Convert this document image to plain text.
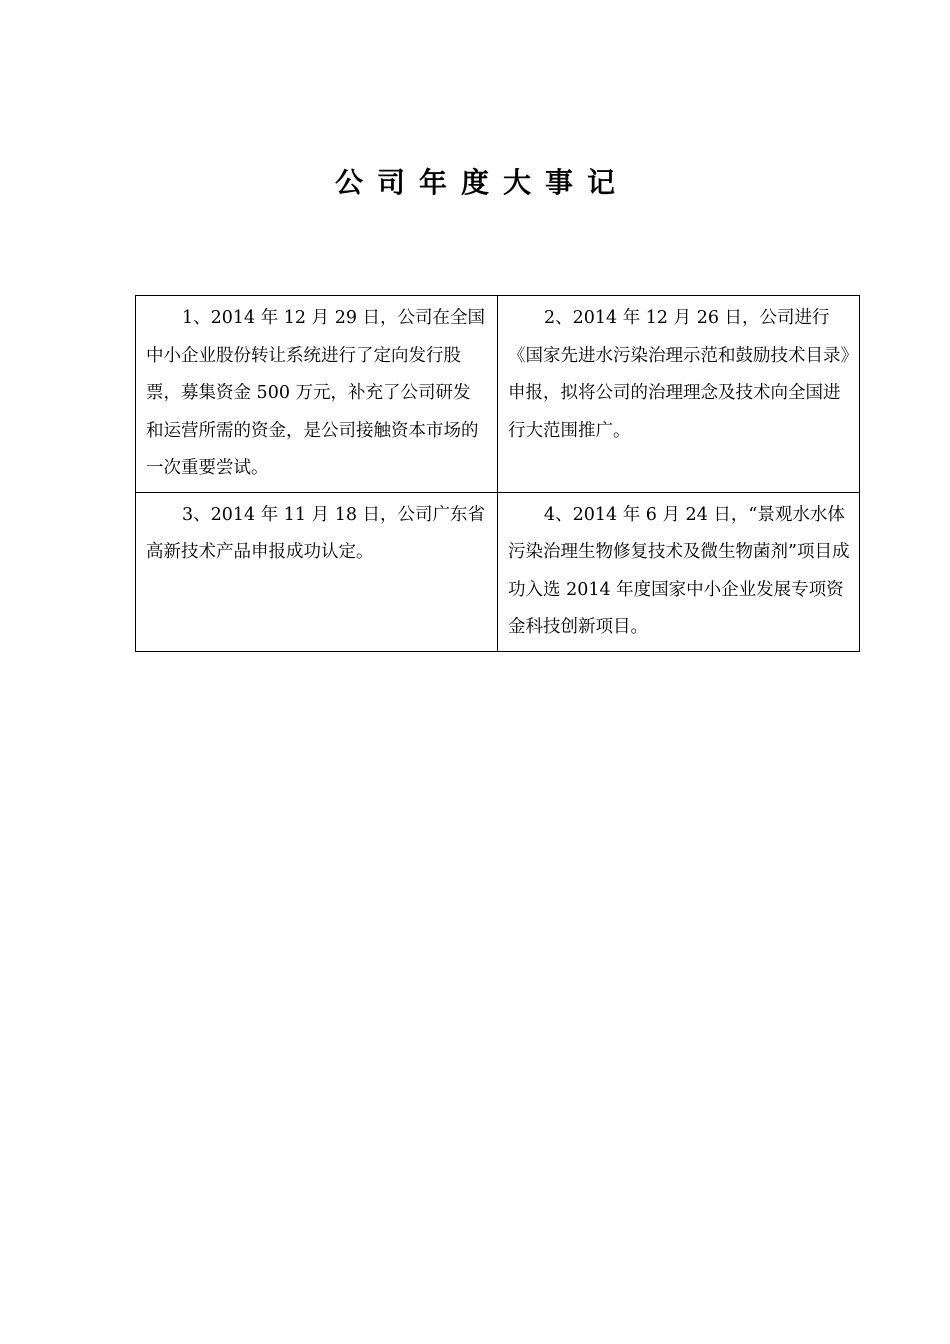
公司年度大事记
1、2014 年 12 月 29 日，公司在全国中小企业股份转让系统进行了定向发行股票，募集资金 500 万元，补充了公司研发和运营所需的资金，是公司接触资本市场的一次重要尝试。	2、2014 年 12 月 26 日，公司进行《国家先进水污染治理示范和鼓励技术目录》申报，拟将公司的治理理念及技术向全国进行大范围推广。
3、2014 年 11 月 18 日，公司广东省高新技术产品申报成功认定。	4、2014 年 6 月 24 日，“景观水水体污染治理生物修复技术及微生物菌剂”项目成功入选 2014 年度国家中小企业发展专项资金科技创新项目。
